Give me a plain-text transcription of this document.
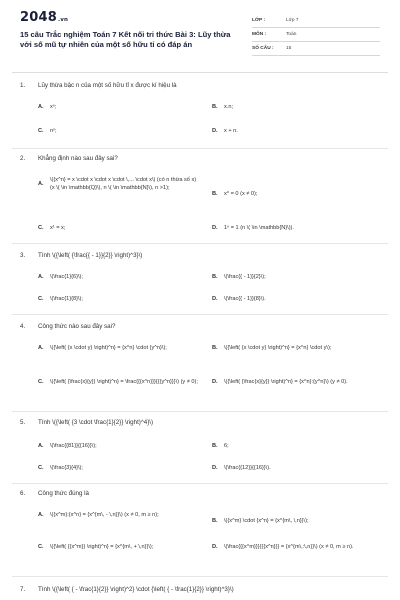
2048.vn
15 câu Trắc nghiệm Toán 7 Kết nối tri thức Bài 3: Lũy thừa với số mũ tự nhiên của một số hữu tỉ có đáp án
LỚP :	Lớp 7
MÔN :	Toán
SỐ CÂU :	15
1.	Lũy thừa bậc n của một số hữu tỉ x được kí hiệu là
A.	xⁿ;	B.	x.n;
C.	nˣ;	D.	x + n.
2.	Khẳng định nào sau đây sai?
A.
\({x^n} = x \cdot x \cdot x \cdot \,... \cdot x\) (có n thừa số x) (x \( \in \mathbb{Q}\), n \( \in \mathbb{N}\), n >1);
B.	x⁰ = 0 (x ≠ 0);
C.	x¹ = x;	D.	1ⁿ = 1 (n \( \in \mathbb{N}\)).
3.	Tính \({\left( {\frac{{ - 1}}{2}} \right)^3}\)
A.	\(\frac{1}{6}\);	B.	\(\frac{{ - 1}}{2}\);
C.	\(\frac{1}{8}\);	D.	\(\frac{{ - 1}}{8}\).
4.	Công thức nào sau đây sai?
A.	\({\left( {x \cdot y} \right)^n} = {x^n} \cdot {y^n}\);	B.	\({\left( {x \cdot y} \right)^n} = {x^n} \cdot y\);
C.	\({\left( {\frac{x}{y}} \right)^n} = \frac{{{x^n}}}{{{y^n}}}\) (y ≠ 0);	D.	\({\left( {\frac{x}{y}} \right)^n} = {x^n}:{y^n}\) (y ≠ 0).
5.	Tính \({\left( {3 \cdot \frac{1}{2}} \right)^4}\)
A.	\(\frac{{81}}{{16}}\);	B.	6;
C.	\(\frac{3}{4}\);	D.	\(\frac{{12}}{{16}}\).
6.	Công thức đúng là
A.	\({x^m}:{x^n} = {x^{m\, - \,n}}\) (x ≠ 0, m ≥ n);
B.	\({x^m} \cdot {x^n} = {x^{m\, \,n}}\);
C.	\({\left( {{x^m}} \right)^n} = {x^{m\, + \,n}}\);	D.	\(\frac{{{x^m}}}{{{x^n}}} = {x^{m\,:\,n}}\) (x ≠ 0, m ≥ n).
7.	Tính \({\left( { - \frac{1}{2}} \right)^2} \cdot {\left( { - \frac{1}{2}} \right)^3}\)
